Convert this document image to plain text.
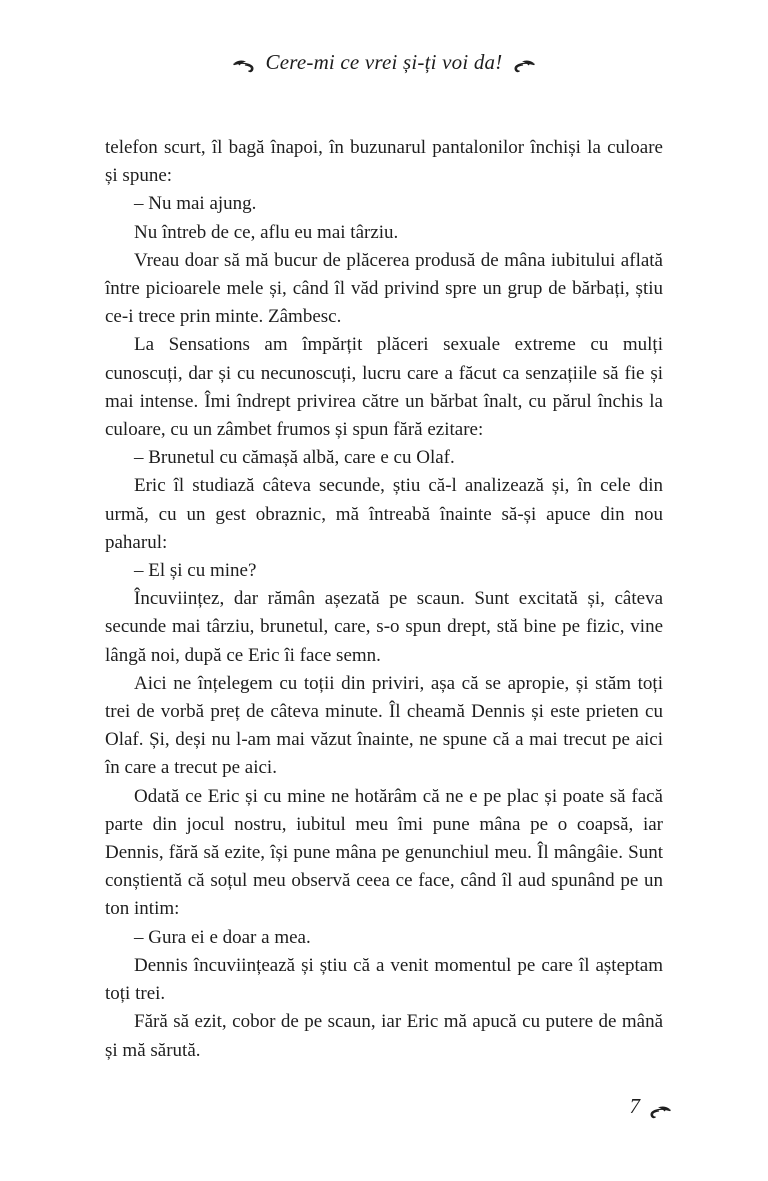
Cere-mi ce vrei și-ți voi da!

telefon scurt, îl bagă înapoi, în buzunarul pantalonilor închiși la culoare și spune:

– Nu mai ajung.

Nu întreb de ce, aflu eu mai târziu.

Vreau doar să mă bucur de plăcerea produsă de mâna iubitului aflată între picioarele mele și, când îl văd privind spre un grup de bărbați, știu ce-i trece prin minte. Zâmbesc.

La Sensations am împărțit plăceri sexuale extreme cu mulți cunoscuți, dar și cu necunoscuți, lucru care a făcut ca senzațiile să fie și mai intense. Îmi îndrept privirea către un bărbat înalt, cu părul închis la culoare, cu un zâmbet frumos și spun fără ezitare:

– Brunetul cu cămașă albă, care e cu Olaf.

Eric îl studiază câteva secunde, știu că-l analizează și, în cele din urmă, cu un gest obraznic, mă întreabă înainte să-și apuce din nou paharul:

– El și cu mine?

Încuviințez, dar rămân așezată pe scaun. Sunt excitată și, câteva secunde mai târziu, brunetul, care, s-o spun drept, stă bine pe fizic, vine lângă noi, după ce Eric îi face semn.

Aici ne înțelegem cu toții din priviri, așa că se apropie, și stăm toți trei de vorbă preț de câteva minute. Îl cheamă Dennis și este prieten cu Olaf. Și, deși nu l-am mai văzut înainte, ne spune că a mai trecut pe aici în care a trecut pe aici.

Odată ce Eric și cu mine ne hotărâm că ne e pe plac și poate să facă parte din jocul nostru, iubitul meu îmi pune mâna pe o coapsă, iar Dennis, fără să ezite, își pune mâna pe genunchiul meu. Îl mângâie. Sunt conștientă că soțul meu observă ceea ce face, când îl aud spunând pe un ton intim:

– Gura ei e doar a mea.

Dennis încuviințează și știu că a venit momentul pe care îl așteptam toți trei.

Fără să ezit, cobor de pe scaun, iar Eric mă apucă cu putere de mână și mă sărută.

7
